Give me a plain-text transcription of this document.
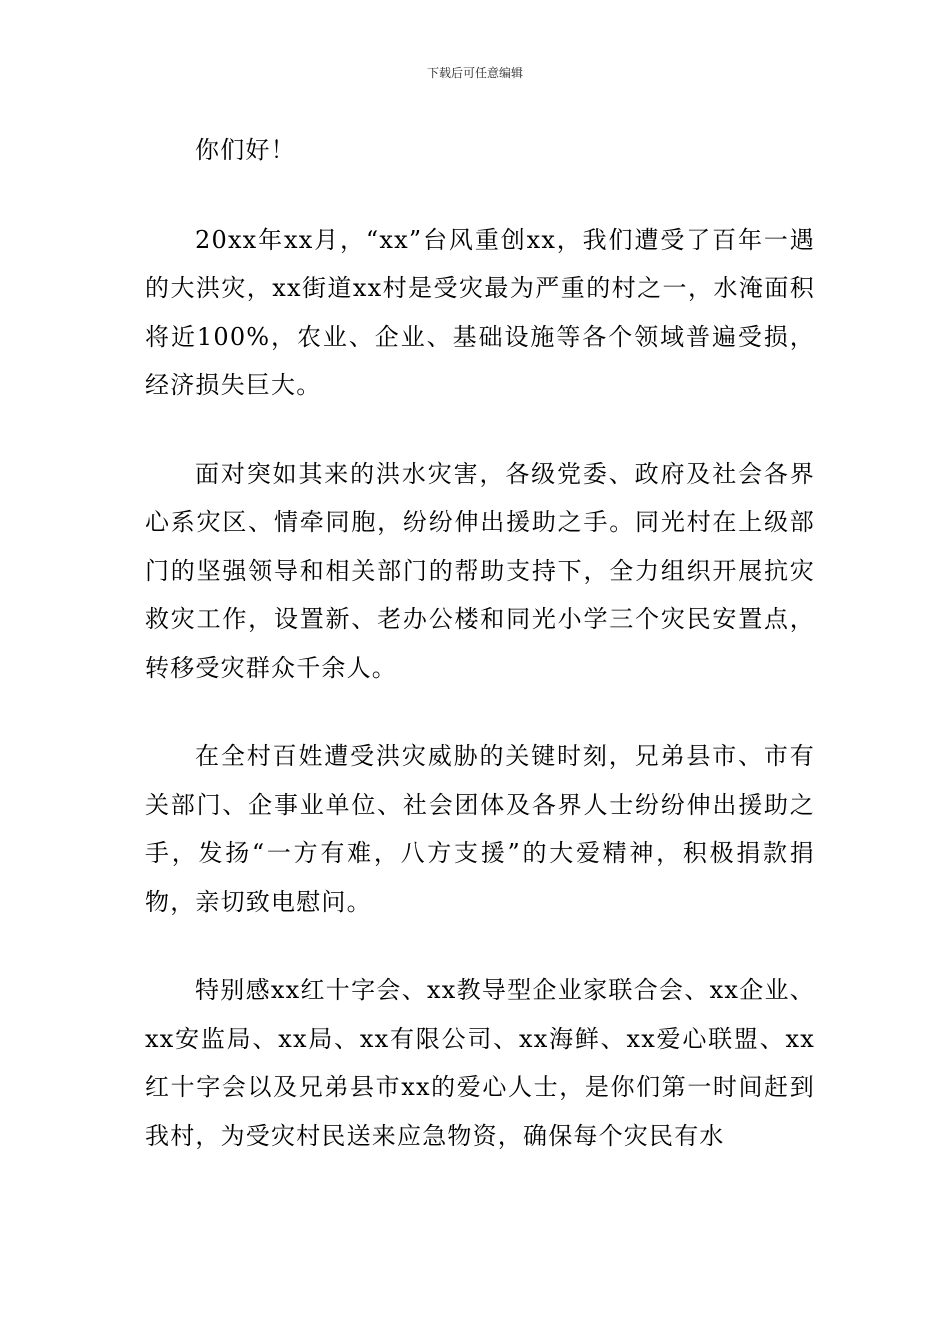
下载后可任意编辑

你们好！

20xx年xx月，“xx”台风重创xx，我们遭受了百年一遇的大洪灾，xx街道xx村是受灾最为严重的村之一，水淹面积将近100%，农业、企业、基础设施等各个领域普遍受损，经济损失巨大。

面对突如其来的洪水灾害，各级党委、政府及社会各界心系灾区、情牵同胞，纷纷伸出援助之手。同光村在上级部门的坚强领导和相关部门的帮助支持下，全力组织开展抗灾救灾工作，设置新、老办公楼和同光小学三个灾民安置点，转移受灾群众千余人。

在全村百姓遭受洪灾威胁的关键时刻，兄弟县市、市有关部门、企事业单位、社会团体及各界人士纷纷伸出援助之手，发扬“一方有难，八方支援”的大爱精神，积极捐款捐物，亲切致电慰问。

特别感xx红十字会、xx教导型企业家联合会、xx企业、xx安监局、xx局、xx有限公司、xx海鲜、xx爱心联盟、xx红十字会以及兄弟县市xx的爱心人士，是你们第一时间赶到我村，为受灾村民送来应急物资，确保每个灾民有水
